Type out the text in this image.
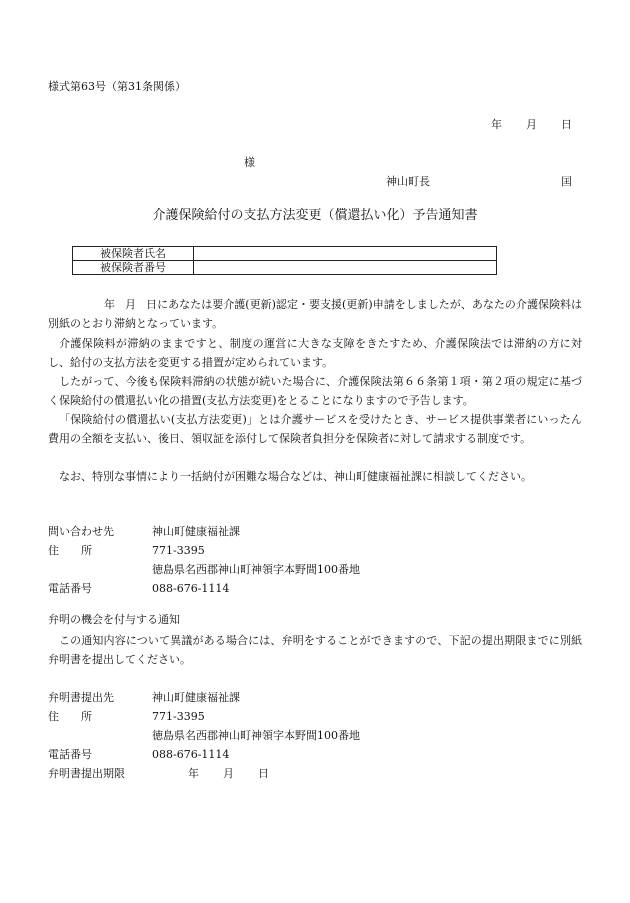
様式第63号（第31条関係）
年 月 日
様
神山町長	囯
介護保険給付の支払方法変更（償還払い化）予告通知書
被保険者氏名	
被保険者番号	
年 月 日にあなたは要介護(更新)認定・要支援(更新)申請をしましたが、あなたの介護保険料は別紙のとおり滞納となっています。
介護保険料が滞納のままですと、制度の運営に大きな支障をきたすため、介護保険法では滞納の方に対し、給付の支払方法を変更する措置が定められています。
したがって、今後も保険料滞納の状態が続いた場合に、介護保険法第６６条第１項・第２項の規定に基づく保険給付の償還払い化の措置(支払方法変更)をとることになりますので予告します。
「保険給付の償還払い(支払方法変更)」とは介護サービスを受けたとき、サービス提供事業者にいったん費用の全額を支払い、後日、領収証を添付して保険者負担分を保険者に対して請求する制度です。
なお、特別な事情により一括納付が困難な場合などは、神山町健康福祉課に相談してください。
問い合わせ先	神山町健康福祉課
住　　所	771-3395
徳島県名西郡神山町神領字本野間100番地
電話番号	088-676-1114
弁明の機会を付与する通知
この通知内容について異議がある場合には、弁明をすることができますので、下記の提出期限までに別紙弁明書を提出してください。
弁明書提出先	神山町健康福祉課
住　　所	771-3395
徳島県名西郡神山町神領字本野間100番地
電話番号	088-676-1114
弁明書提出期限	年 月 日
